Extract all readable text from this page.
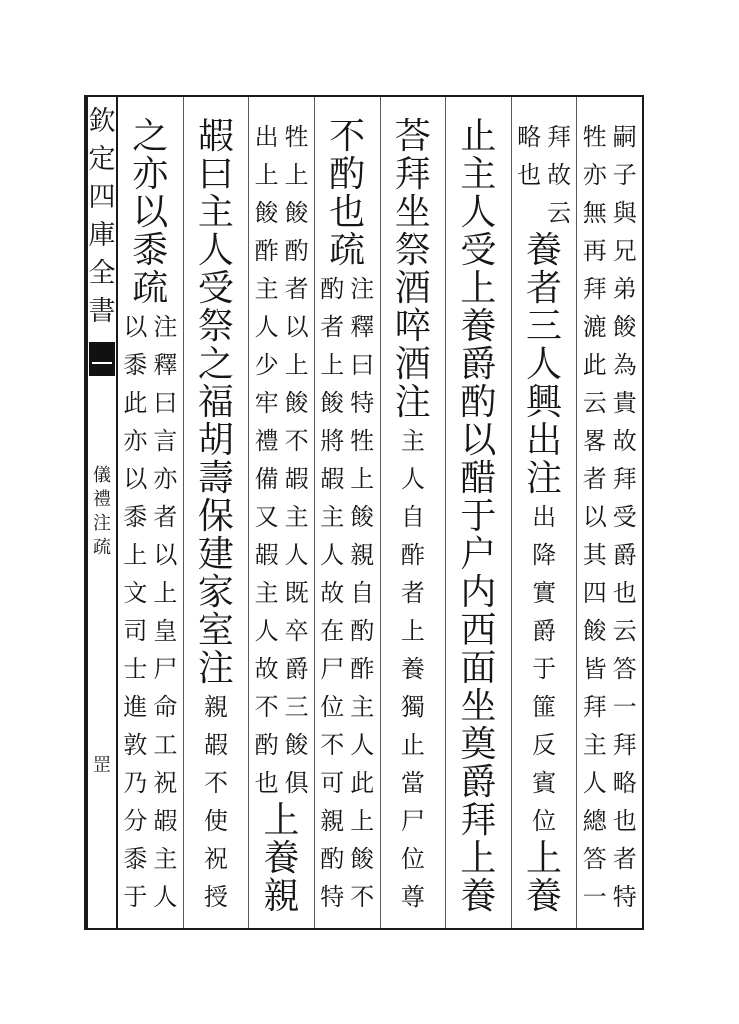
欽定四庫全書
儀禮注疏
罡
嗣子與兄弟餕為貴故拜受爵也云答一拜略也者特
牲亦無再拜漉此云畧者以其四餕皆拜主人總答一
拜故云
略也
養者三人興出注
出降實爵于篚反賓位
上養
止主人受上養爵酌以醋于户内西面坐奠爵拜上養
荅拜坐祭酒啐酒注
主人自酢者上養獨止當尸位尊
不酌也疏
注釋曰特牲上餕親自酌酢主人此上餕不
酌者上餕將嘏主人故在尸位不可親酌特
牲上餕酌者以上餕不嘏主人既卒爵三餕俱
出上餕酢主人少牢禮備又嘏主人故不酌也
上養親
嘏曰主人受祭之福胡壽保建家室注
親嘏不使祝授
之亦以黍疏
注釋曰言亦者以上皇尸命工祝嘏主人
以黍此亦以黍上文司士進敦乃分黍于
